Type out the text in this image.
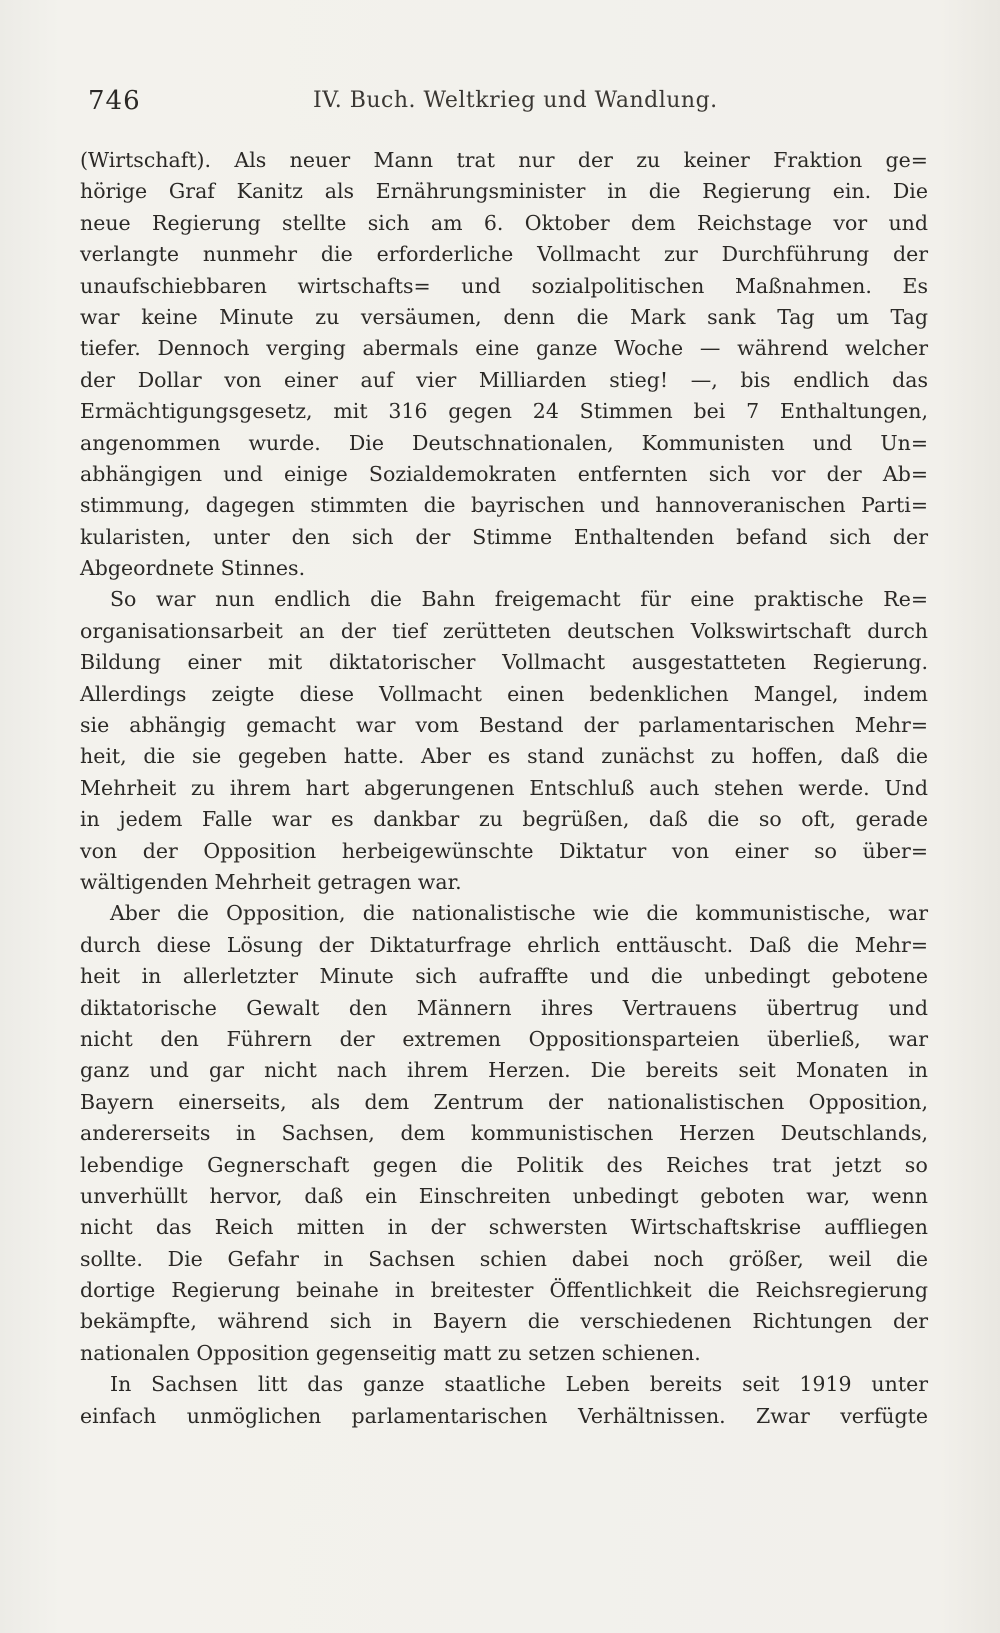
746	IV. Buch. Weltkrieg und Wandlung.
(Wirtschaft). Als neuer Mann trat nur der zu keiner Fraktion ge=
hörige Graf Kanitz als Ernährungsminister in die Regierung ein. Die
neue Regierung stellte sich am 6. Oktober dem Reichstage vor und
verlangte nunmehr die erforderliche Vollmacht zur Durchführung der
unaufschiebbaren wirtschafts= und sozialpolitischen Maßnahmen. Es
war keine Minute zu versäumen, denn die Mark sank Tag um Tag
tiefer. Dennoch verging abermals eine ganze Woche — während welcher
der Dollar von einer auf vier Milliarden stieg! —, bis endlich das
Ermächtigungsgesetz, mit 316 gegen 24 Stimmen bei 7 Enthaltungen,
angenommen wurde. Die Deutschnationalen, Kommunisten und Un=
abhängigen und einige Sozialdemokraten entfernten sich vor der Ab=
stimmung, dagegen stimmten die bayrischen und hannoveranischen Parti=
kularisten, unter den sich der Stimme Enthaltenden befand sich der
Abgeordnete Stinnes.
So war nun endlich die Bahn freigemacht für eine praktische Re=
organisationsarbeit an der tief zerütteten deutschen Volkswirtschaft durch
Bildung einer mit diktatorischer Vollmacht ausgestatteten Regierung.
Allerdings zeigte diese Vollmacht einen bedenklichen Mangel, indem
sie abhängig gemacht war vom Bestand der parlamentarischen Mehr=
heit, die sie gegeben hatte. Aber es stand zunächst zu hoffen, daß die
Mehrheit zu ihrem hart abgerungenen Entschluß auch stehen werde. Und
in jedem Falle war es dankbar zu begrüßen, daß die so oft, gerade
von der Opposition herbeigewünschte Diktatur von einer so über=
wältigenden Mehrheit getragen war.
Aber die Opposition, die nationalistische wie die kommunistische, war
durch diese Lösung der Diktaturfrage ehrlich enttäuscht. Daß die Mehr=
heit in allerletzter Minute sich aufraffte und die unbedingt gebotene
diktatorische Gewalt den Männern ihres Vertrauens übertrug und
nicht den Führern der extremen Oppositionsparteien überließ, war
ganz und gar nicht nach ihrem Herzen. Die bereits seit Monaten in
Bayern einerseits, als dem Zentrum der nationalistischen Opposition,
andererseits in Sachsen, dem kommunistischen Herzen Deutschlands,
lebendige Gegnerschaft gegen die Politik des Reiches trat jetzt so
unverhüllt hervor, daß ein Einschreiten unbedingt geboten war, wenn
nicht das Reich mitten in der schwersten Wirtschaftskrise auffliegen
sollte. Die Gefahr in Sachsen schien dabei noch größer, weil die
dortige Regierung beinahe in breitester Öffentlichkeit die Reichsregierung
bekämpfte, während sich in Bayern die verschiedenen Richtungen der
nationalen Opposition gegenseitig matt zu setzen schienen.
In Sachsen litt das ganze staatliche Leben bereits seit 1919 unter
einfach unmöglichen parlamentarischen Verhältnissen. Zwar verfügte
